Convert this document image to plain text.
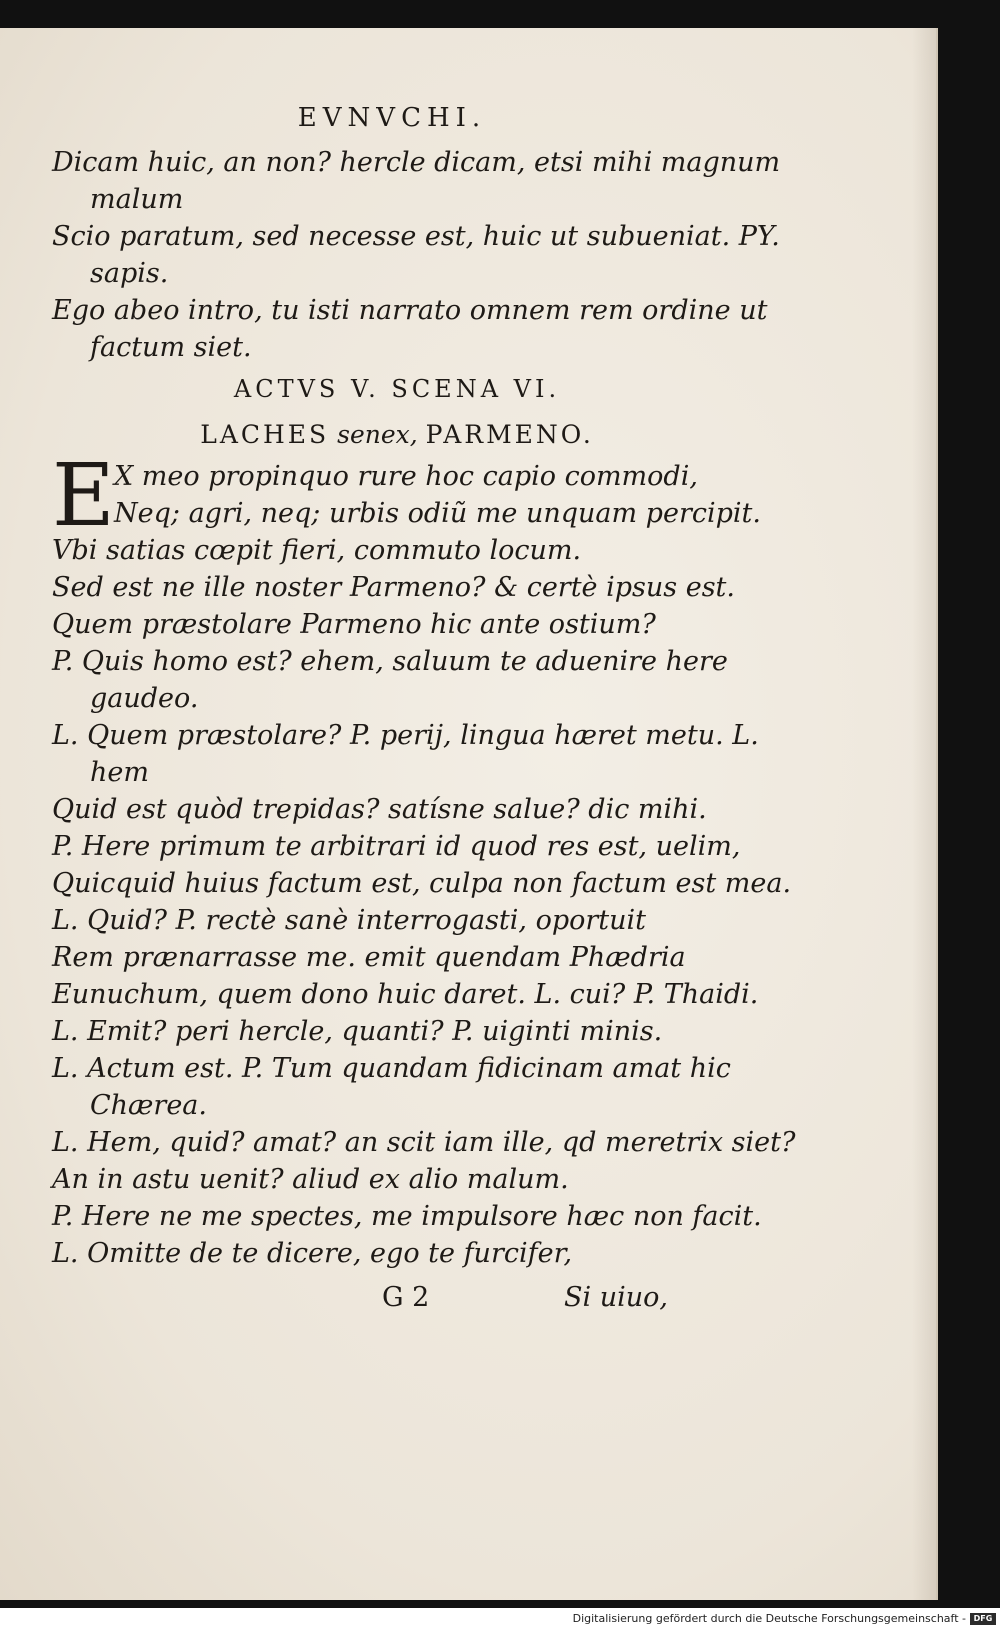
EVNVCHI.
Dicam huic, an non? hercle dicam, etsi mihi magnum
malum
Scio paratum, sed necesse est, huic ut subueniat. PY.
sapis.
Ego abeo intro, tu isti narrato omnem rem ordine ut
factum siet.
ACTVS V. SCENA VI.
LACHES senex, PARMENO.
E X meo propinquo rure hoc capio commodi,
Neq; agri, neq; urbis odiũ me unquam percipit.
Vbi satias cœpit fieri, commuto locum.
Sed est ne ille noster Parmeno? & certè ipsus est.
Quem præstolare Parmeno hic ante ostium?
P. Quis homo est? ehem, saluum te aduenire here
gaudeo.
L. Quem præstolare? P. perij, lingua hæret metu. L.
hem
Quid est quòd trepidas? satísne salue? dic mihi.
P. Here primum te arbitrari id quod res est, uelim,
Quicquid huius factum est, culpa non factum est mea.
L. Quid? P. rectè sanè interrogasti, oportuit
Rem prænarrasse me. emit quendam Phædria
Eunuchum, quem dono huic daret. L. cui? P. Thaidi.
L. Emit? peri hercle, quanti? P. uiginti minis.
L. Actum est. P. Tum quandam fidicinam amat hic
Chærea.
L. Hem, quid? amat? an scit iam ille, qd meretrix siet?
An in astu uenit? aliud ex alio malum.
P. Here ne me spectes, me impulsore hæc non facit.
L. Omitte de te dicere, ego te furcifer,
G 2	Si uiuo,
Digitalisierung gefördert durch die Deutsche Forschungsgemeinschaft - DFG
